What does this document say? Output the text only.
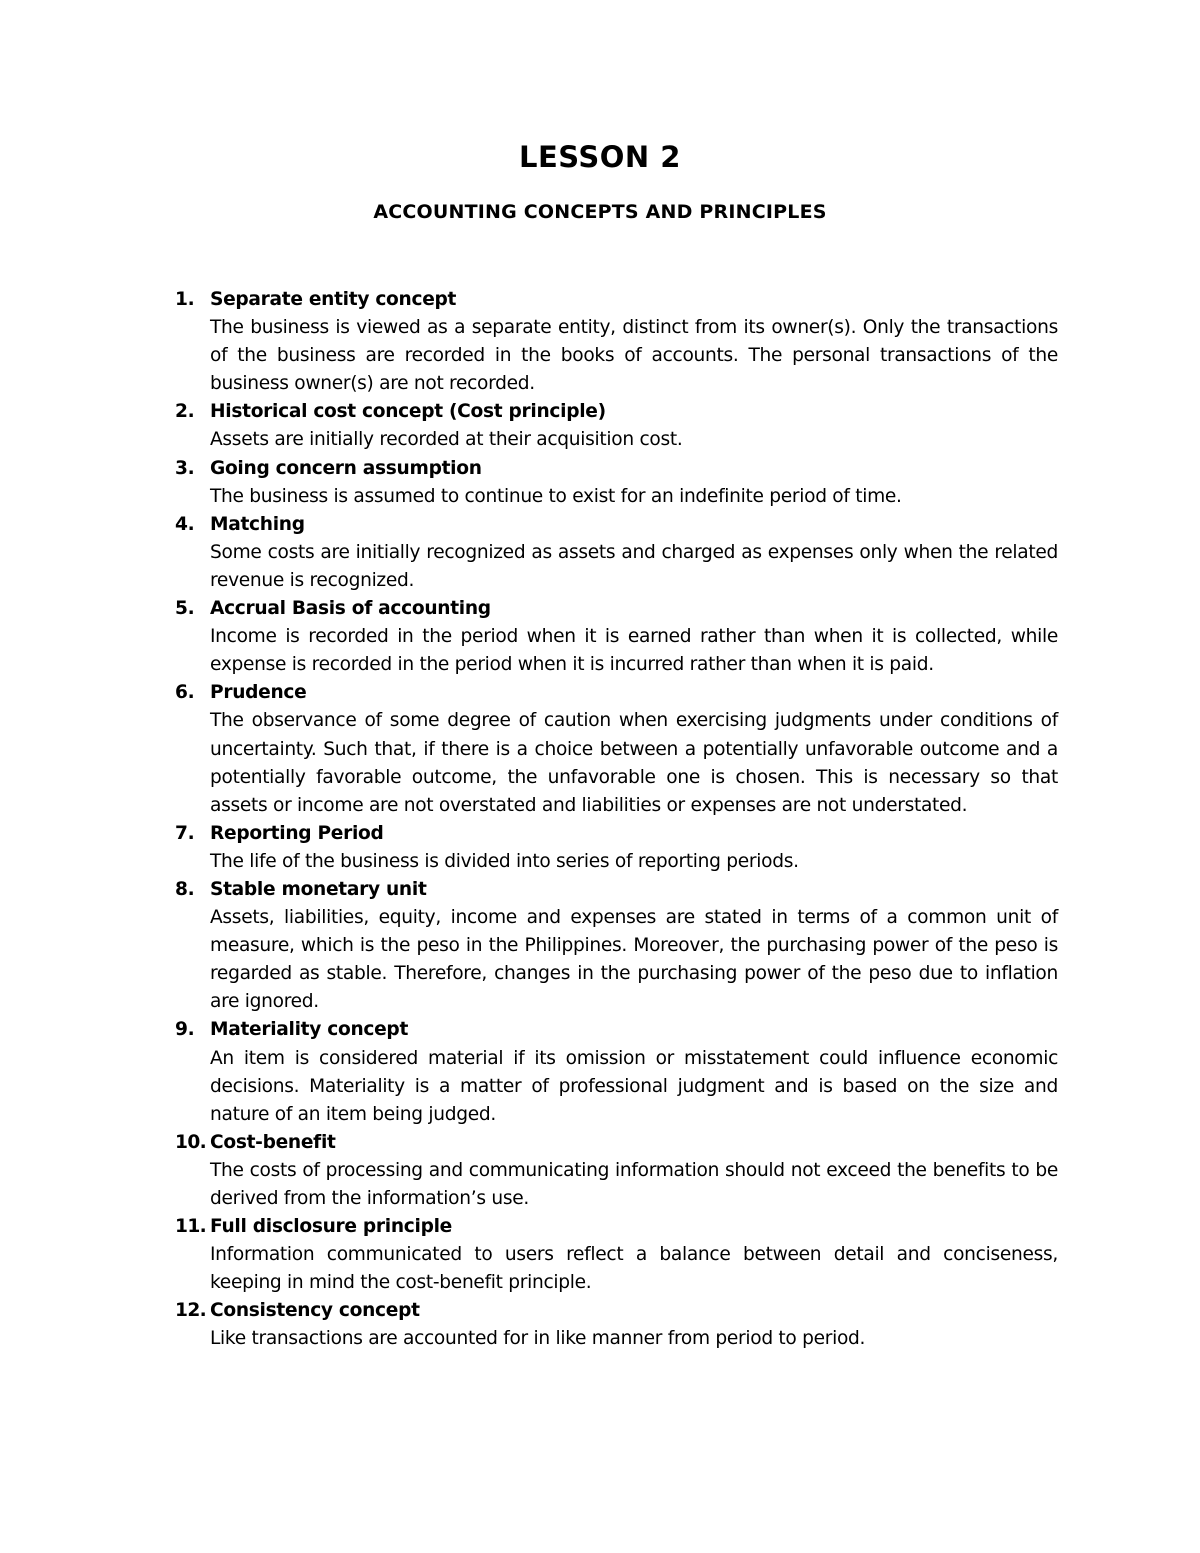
LESSON 2
ACCOUNTING CONCEPTS AND PRINCIPLES
1. Separate entity concept
The business is viewed as a separate entity, distinct from its owner(s). Only the transactions of the business are recorded in the books of accounts. The personal transactions of the business owner(s) are not recorded.
2. Historical cost concept (Cost principle)
Assets are initially recorded at their acquisition cost.
3. Going concern assumption
The business is assumed to continue to exist for an indefinite period of time.
4. Matching
Some costs are initially recognized as assets and charged as expenses only when the related revenue is recognized.
5. Accrual Basis of accounting
Income is recorded in the period when it is earned rather than when it is collected, while expense is recorded in the period when it is incurred rather than when it is paid.
6. Prudence
The observance of some degree of caution when exercising judgments under conditions of uncertainty. Such that, if there is a choice between a potentially unfavorable outcome and a potentially favorable outcome, the unfavorable one is chosen. This is necessary so that assets or income are not overstated and liabilities or expenses are not understated.
7. Reporting Period
The life of the business is divided into series of reporting periods.
8. Stable monetary unit
Assets, liabilities, equity, income and expenses are stated in terms of a common unit of measure, which is the peso in the Philippines. Moreover, the purchasing power of the peso is regarded as stable. Therefore, changes in the purchasing power of the peso due to inflation are ignored.
9. Materiality concept
An item is considered material if its omission or misstatement could influence economic decisions. Materiality is a matter of professional judgment and is based on the size and nature of an item being judged.
10. Cost-benefit
The costs of processing and communicating information should not exceed the benefits to be derived from the information’s use.
11. Full disclosure principle
Information communicated to users reflect a balance between detail and conciseness, keeping in mind the cost-benefit principle.
12. Consistency concept
Like transactions are accounted for in like manner from period to period.
